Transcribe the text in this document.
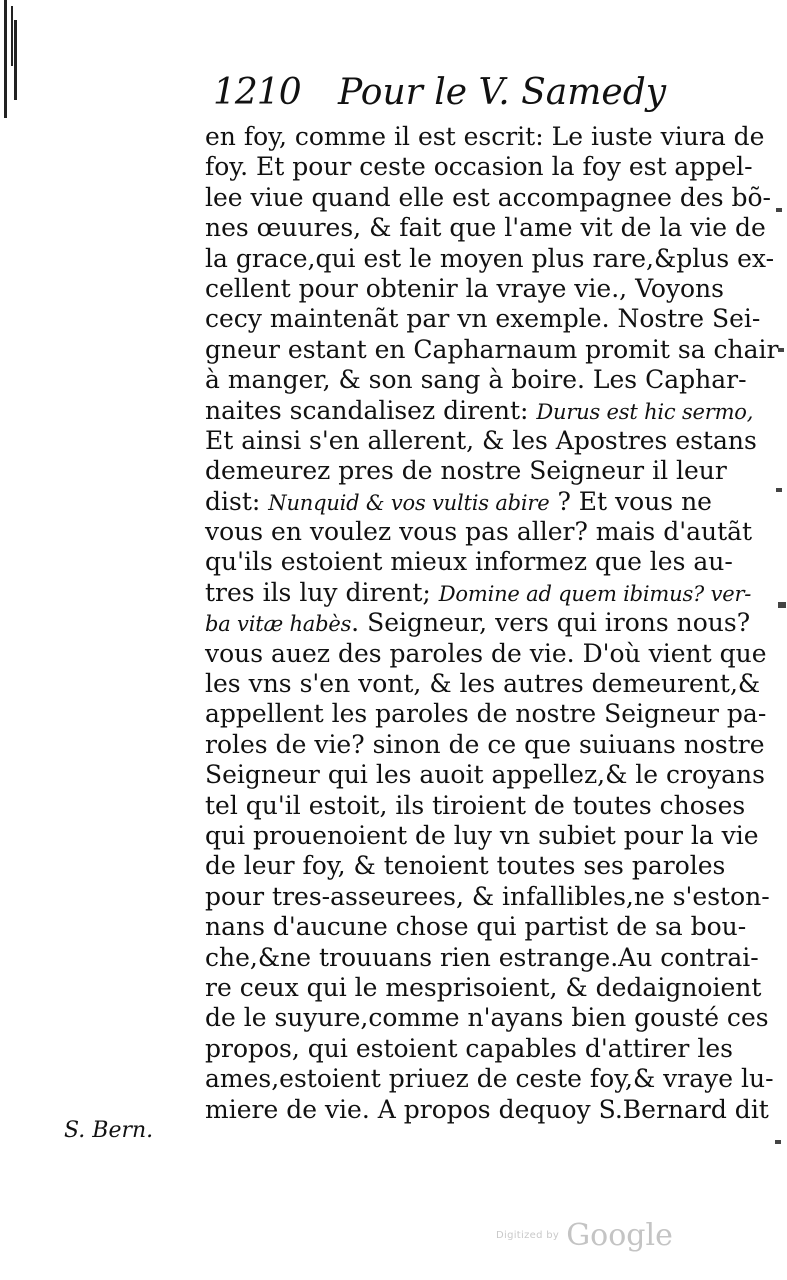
1210 Pour le V. Samedy
en foy, comme il est escrit: Le iuste viura de
foy. Et pour ceste occasion la foy est appel-
lee viue quand elle est accompagnee des bõ-
nes œuures, & fait que l'ame vit de la vie de
la grace,qui est le moyen plus rare,&plus ex-
cellent pour obtenir la vraye vie., Voyons
cecy maintenãt par vn exemple. Nostre Sei-
gneur estant en Capharnaum promit sa chair
à manger, & son sang à boire. Les Caphar-
naites scandalisez dirent: Durus est hic sermo,
Et ainsi s'en allerent, & les Apostres estans
demeurez pres de nostre Seigneur il leur
dist: Nunquid & vos vultis abire ? Et vous ne
vous en voulez vous pas aller? mais d'autãt
qu'ils estoient mieux informez que les au-
tres ils luy dirent; Domine ad quem ibimus? ver-
ba vitæ habès. Seigneur, vers qui irons nous?
vous auez des paroles de vie. D'où vient que
les vns s'en vont, & les autres demeurent,&
appellent les paroles de nostre Seigneur pa-
roles de vie? sinon de ce que suiuans nostre
Seigneur qui les auoit appellez,& le croyans
tel qu'il estoit, ils tiroient de toutes choses
qui prouenoient de luy vn subiet pour la vie
de leur foy, & tenoient toutes ses paroles
pour tres-asseurees, & infallibles,ne s'eston-
nans d'aucune chose qui partist de sa bou-
che,&ne trouuans rien estrange.Au contrai-
re ceux qui le mesprisoient, & dedaignoient
de le suyure,comme n'ayans bien gousté ces
propos, qui estoient capables d'attirer les
ames,estoient priuez de ceste foy,& vraye lu-
miere de vie. A propos dequoy S.Bernard dit
S. Bern.
Digitized by Google
